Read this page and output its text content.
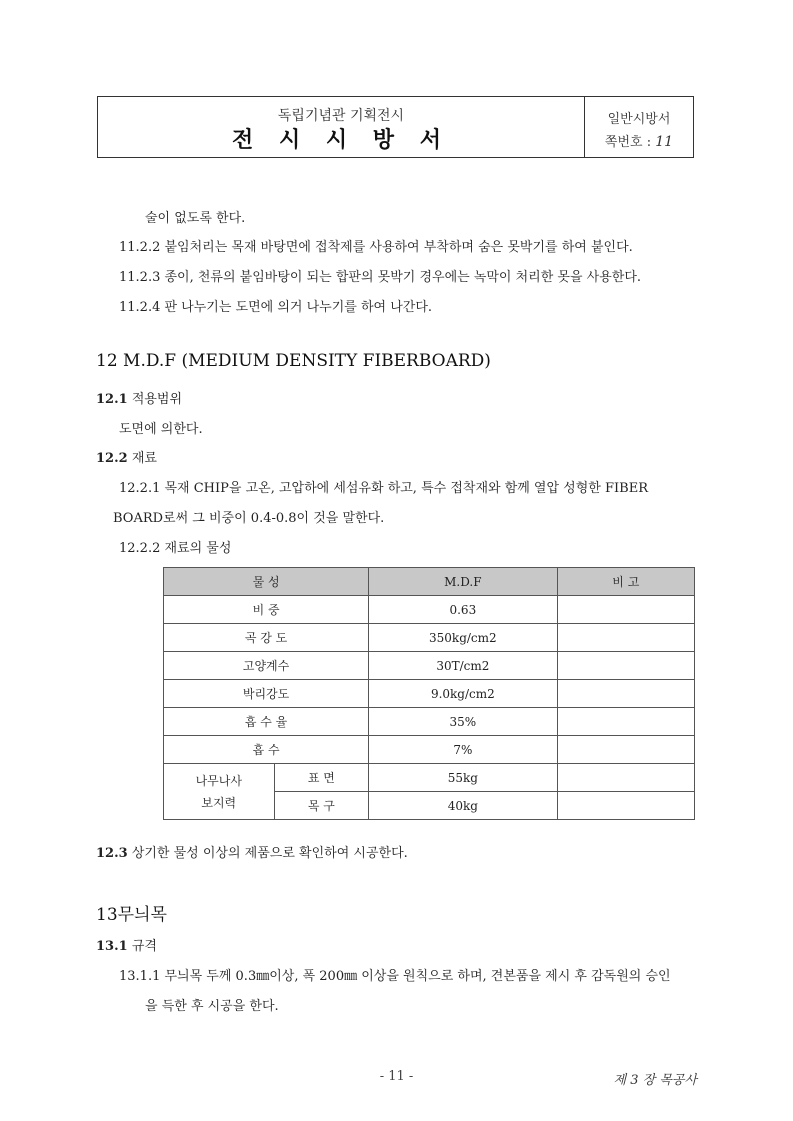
독립기념관 기획전시
전 시 시 방 서
일반시방서
쪽번호 : 11
술이 없도록 한다.
11.2.2 붙임처리는 목재 바탕면에 접착제를 사용하여 부착하며 숨은 못박기를 하여 붙인다.
11.2.3 종이, 천류의 붙임바탕이 되는 합판의 못박기 경우에는 녹막이 처리한 못을 사용한다.
11.2.4 판 나누기는 도면에 의거 나누기를 하여 나간다.
12 M.D.F (MEDIUM DENSITY FIBERBOARD)
12.1 적용범위
도면에 의한다.
12.2 재료
12.2.1 목재 CHIP을 고온, 고압하에 세섬유화 하고, 특수 접착재와 함께 열압 성형한 FIBER
BOARD로써 그 비중이 0.4-0.8이 것을 말한다.
12.2.2 재료의 물성
물 성		M.D.F	비 고
비 중		0.63	
곡 강 도		350kg/cm2	
고양계수		30T/cm2	
박리강도		9.0kg/cm2	
흡 수 율		35%	
흡 수		7%	
나무나사
보지력	표 면	55kg	
	목 구	40kg	
12.3 상기한 물성 이상의 제품으로 확인하여 시공한다.
13무늬목
13.1 규격
13.1.1 무늬목 두께 0.3㎜이상, 폭 200㎜ 이상을 원칙으로 하며, 견본품을 제시 후 감독원의 승인
을 득한 후 시공을 한다.
- 11 -	제 3 장 목공사
